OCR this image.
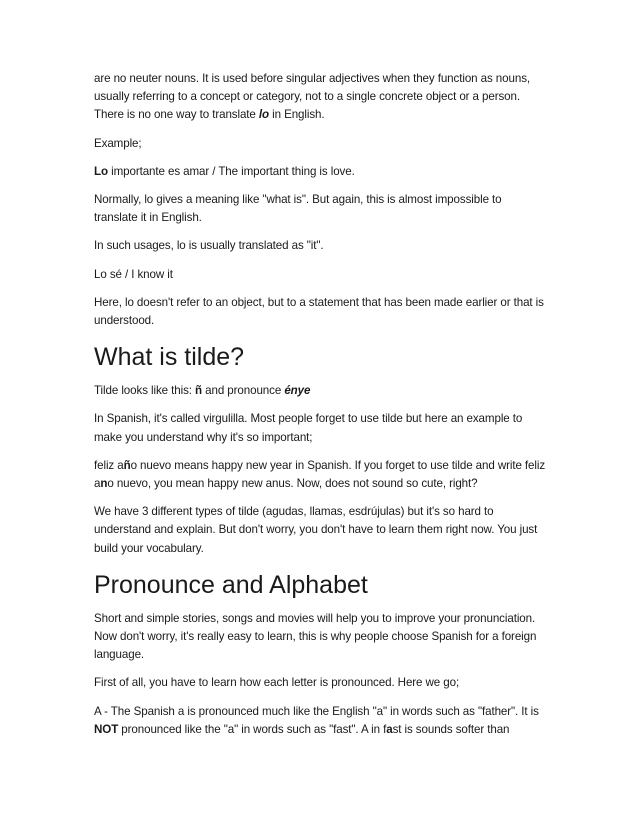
are no neuter nouns. It is used before singular adjectives when they function as nouns, usually referring to a concept or category, not to a single concrete object or a person. There is no one way to translate lo in English.

Example;

Lo importante es amar / The important thing is love.

Normally, lo gives a meaning like "what is". But again, this is almost impossible to translate it in English.

In such usages, lo is usually translated as "it".

Lo sé / I know it

Here, lo doesn't refer to an object, but to a statement that has been made earlier or that is understood.

What is tilde?

Tilde looks like this: ñ and pronounce énye

In Spanish, it's called virgulilla. Most people forget to use tilde but here an example to make you understand why it's so important;

feliz año nuevo means happy new year in Spanish. If you forget to use tilde and write feliz ano nuevo, you mean happy new anus. Now, does not sound so cute, right?

We have 3 different types of tilde (agudas, llamas, esdrújulas) but it's so hard to understand and explain. But don't worry, you don't have to learn them right now. You just build your vocabulary.

Pronounce and Alphabet

Short and simple stories, songs and movies will help you to improve your pronunciation. Now don't worry, it's really easy to learn, this is why people choose Spanish for a foreign language.

First of all, you have to learn how each letter is pronounced. Here we go;

A - The Spanish a is pronounced much like the English "a" in words such as "father". It is NOT pronounced like the "a" in words such as "fast". A in fast is sounds softer than
